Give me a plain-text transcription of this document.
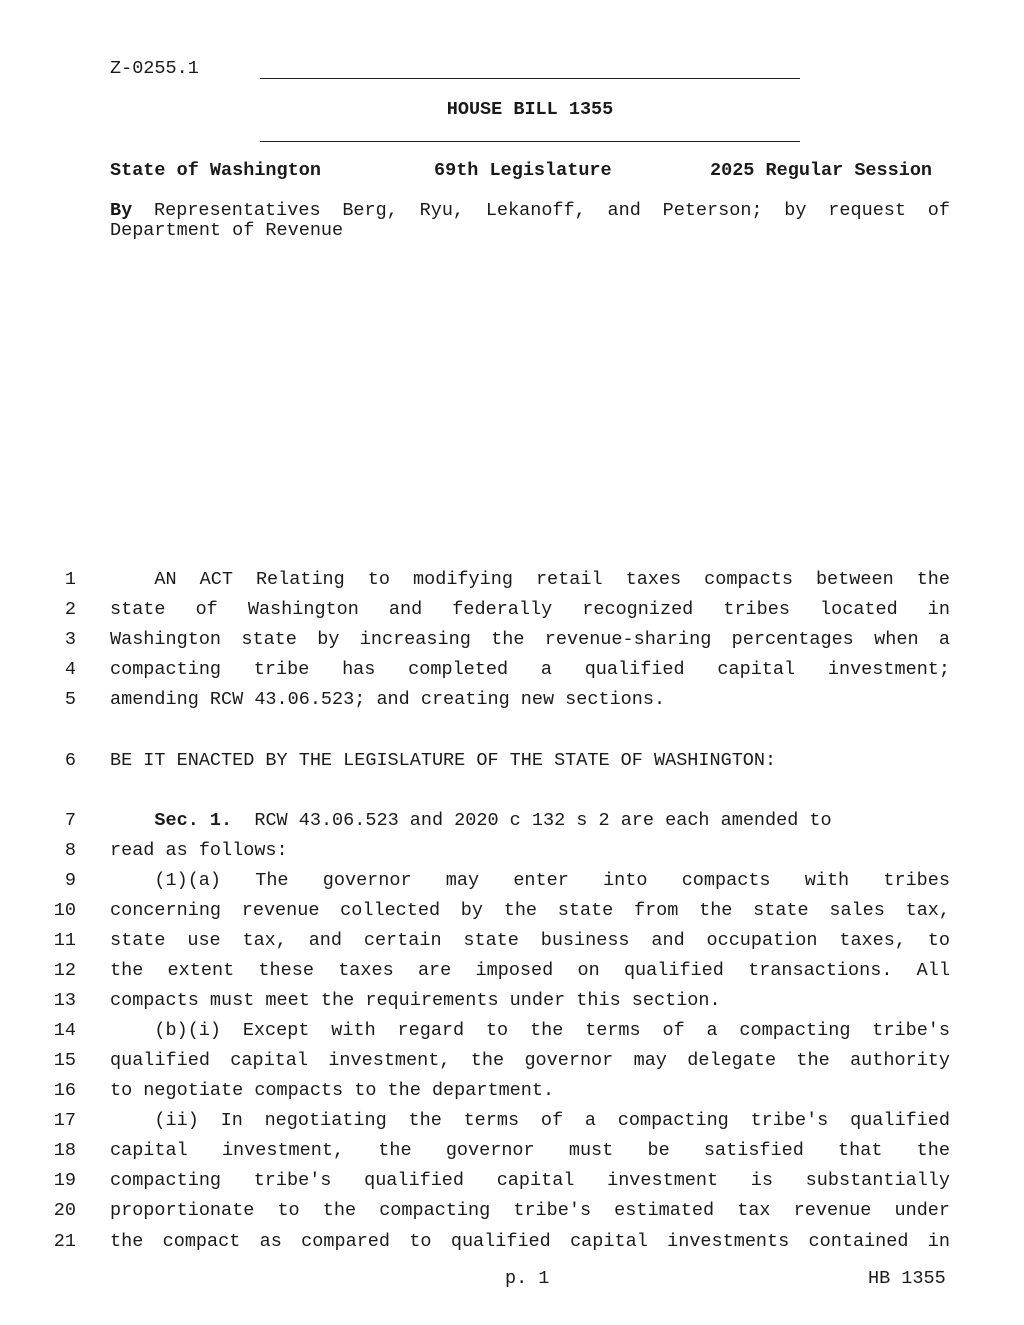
Z-0255.1
HOUSE BILL 1355
State of Washington	69th Legislature	2025 Regular Session
By Representatives Berg, Ryu, Lekanoff, and Peterson; by request of
Department of Revenue
1	AN ACT Relating to modifying retail taxes compacts between the
2 state of Washington and federally recognized tribes located in
3 Washington state by increasing the revenue-sharing percentages when a
4 compacting tribe has completed a qualified capital investment;
5 amending RCW 43.06.523; and creating new sections.
6 BE IT ENACTED BY THE LEGISLATURE OF THE STATE OF WASHINGTON:
7	Sec. 1.  RCW 43.06.523 and 2020 c 132 s 2 are each amended to
8 read as follows:
9	(1)(a) The governor may enter into compacts with tribes
10 concerning revenue collected by the state from the state sales tax,
11 state use tax, and certain state business and occupation taxes, to
12 the extent these taxes are imposed on qualified transactions. All
13 compacts must meet the requirements under this section.
14	(b)(i) Except with regard to the terms of a compacting tribe's
15 qualified capital investment, the governor may delegate the authority
16 to negotiate compacts to the department.
17	(ii) In negotiating the terms of a compacting tribe's qualified
18 capital investment, the governor must be satisfied that the
19 compacting tribe's qualified capital investment is substantially
20 proportionate to the compacting tribe's estimated tax revenue under
21 the compact as compared to qualified capital investments contained in
p. 1	HB 1355
